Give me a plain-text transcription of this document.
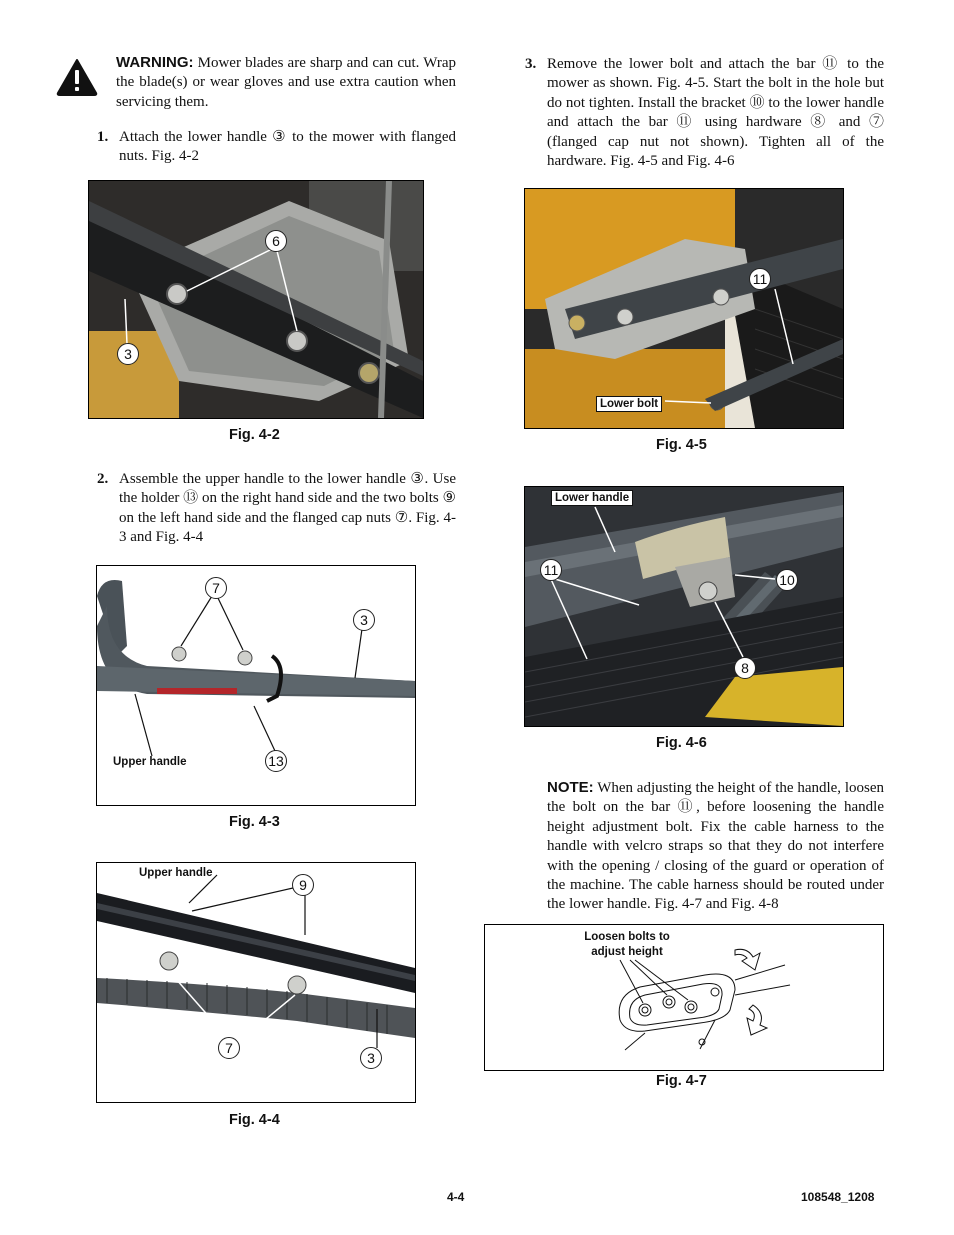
WARNING: Mower blades are sharp and can cut. Wrap the blade(s) or wear gloves and use extra caution when servicing them.
1. Attach the lower handle ③ to the mower with flanged nuts. Fig. 4-2
6
3
Fig. 4-2
2. Assemble the upper handle to the lower handle ③. Use the holder ⑬ on the right hand side and the two bolts ⑨ on the left hand side and the flanged cap nuts ⑦. Fig. 4-3 and Fig. 4-4
7
3
13
Upper handle
Fig. 4-3
9
7
3
Upper handle
Fig. 4-4
3. Remove the lower bolt and attach the bar ⑪ to the mower as shown. Fig. 4-5. Start the bolt in the hole but do not tighten. Install the bracket ⑩ to the lower handle and attach the bar ⑪ using hardware ⑧ and ⑦ (flanged cap nut not shown). Tighten all of the hardware. Fig. 4-5 and Fig. 4-6
11
Lower bolt
Fig. 4-5
11
10
8
Lower handle
Fig. 4-6
NOTE: When adjusting the height of the handle, loosen the bolt on the bar ⑪, before loosening the handle height adjustment bolt. Fix the cable harness to the handle with velcro straps so that they do not interfere with the opening / closing of the guard or operation of the machine. The cable harness should be routed under the lower handle. Fig. 4-7 and Fig. 4-8
Loosen bolts to adjust height
Fig. 4-7
4-4	108548_1208
